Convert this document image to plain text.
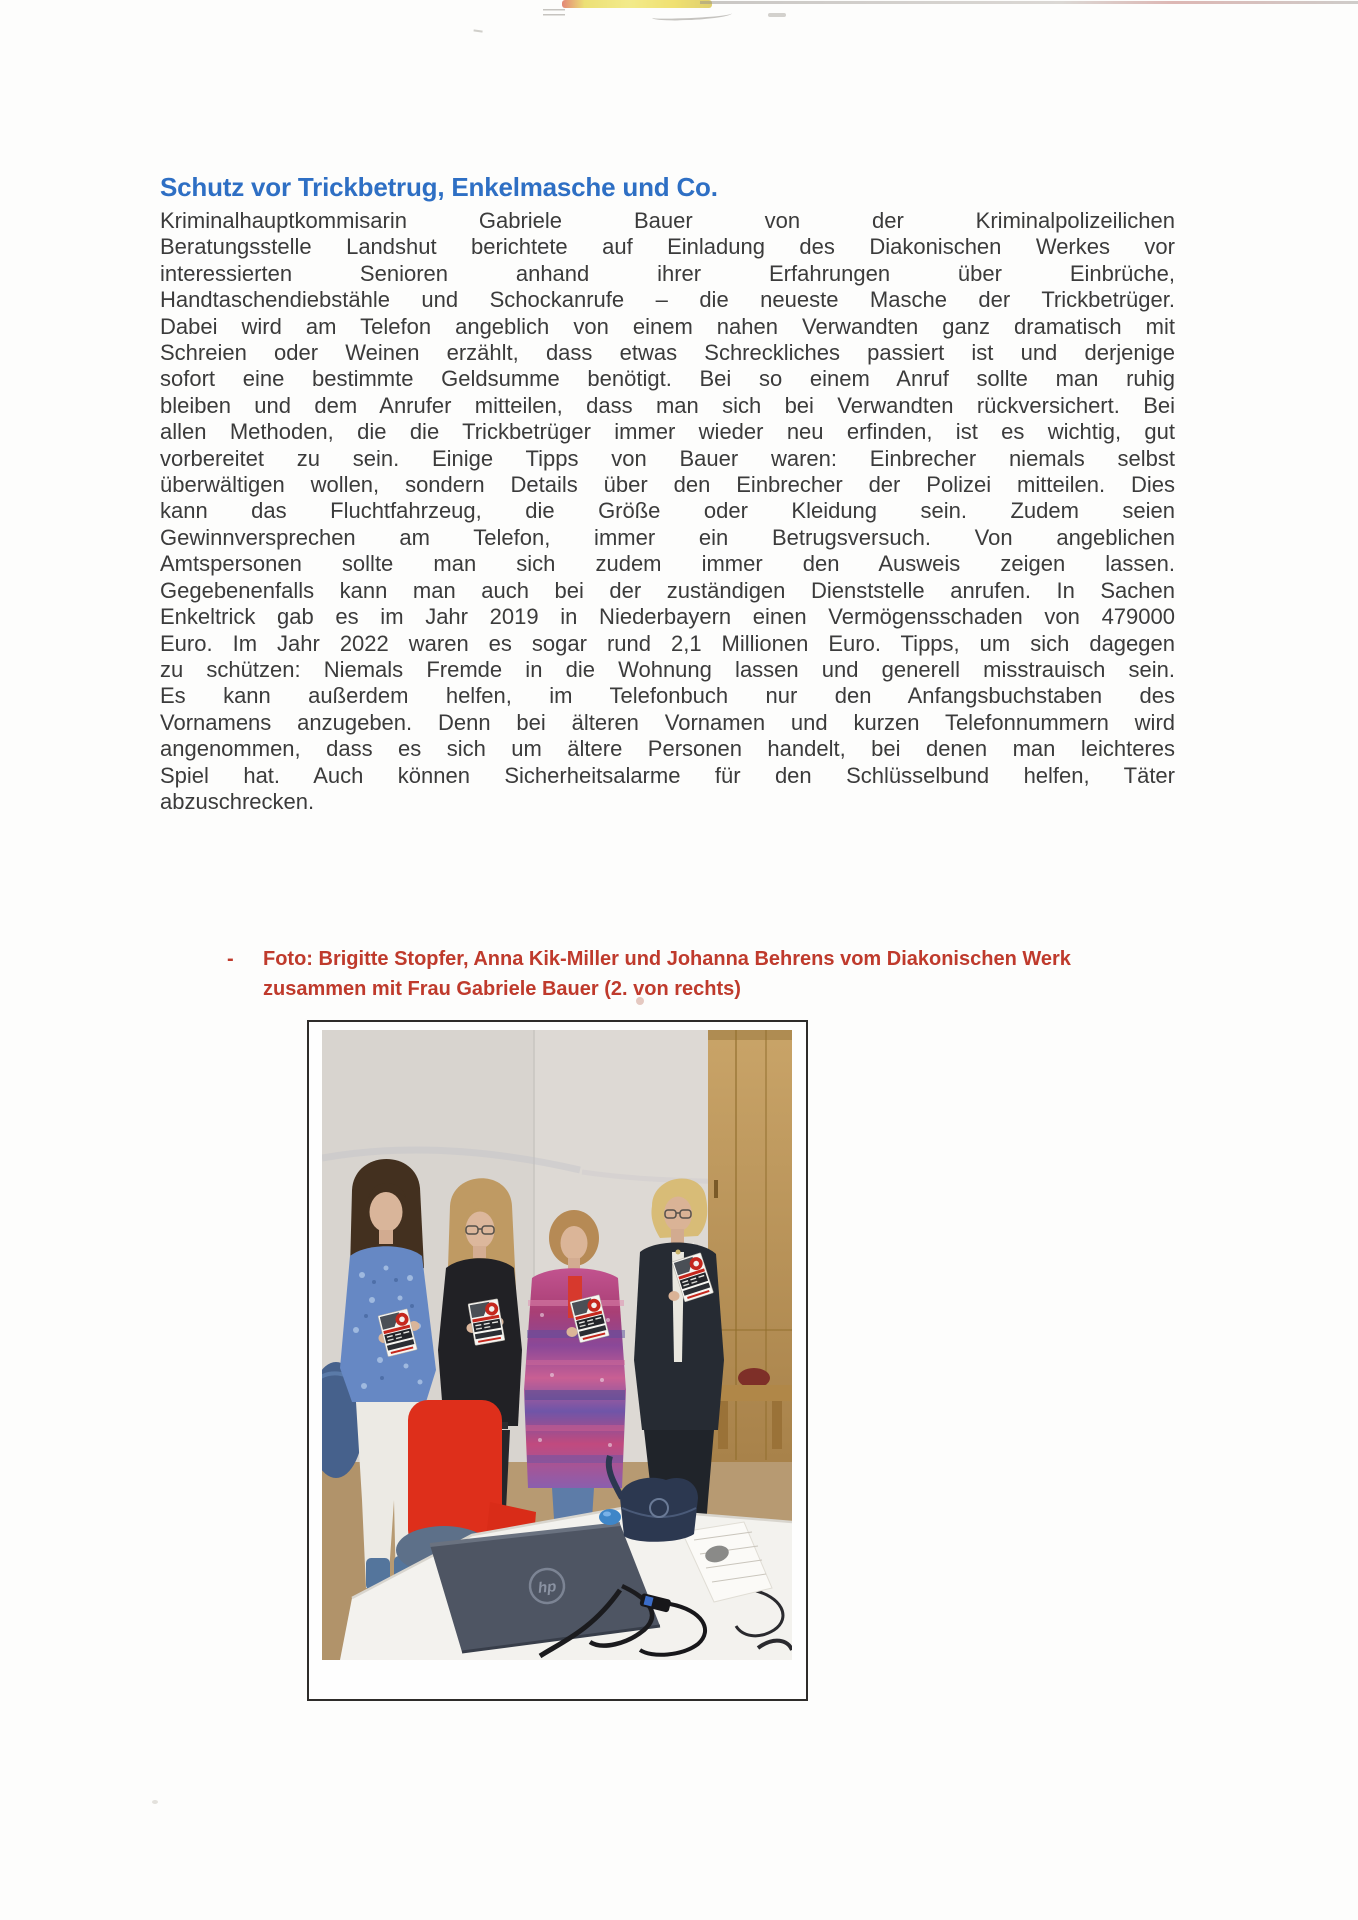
Schutz vor Trickbetrug, Enkelmasche und Co.
Kriminalhauptkommisarin Gabriele Bauer von der Kriminalpolizeilichen
Beratungsstelle Landshut berichtete auf Einladung des Diakonischen Werkes vor
interessierten Senioren anhand ihrer Erfahrungen über Einbrüche,
Handtaschendiebstähle und Schockanrufe – die neueste Masche der Trickbetrüger.
Dabei wird am Telefon angeblich von einem nahen Verwandten ganz dramatisch mit
Schreien oder Weinen erzählt, dass etwas Schreckliches passiert ist und derjenige
sofort eine bestimmte Geldsumme benötigt. Bei so einem Anruf sollte man ruhig
bleiben und dem Anrufer mitteilen, dass man sich bei Verwandten rückversichert. Bei
allen Methoden, die die Trickbetrüger immer wieder neu erfinden, ist es wichtig, gut
vorbereitet zu sein. Einige Tipps von Bauer waren: Einbrecher niemals selbst
überwältigen wollen, sondern Details über den Einbrecher der Polizei mitteilen. Dies
kann das Fluchtfahrzeug, die Größe oder Kleidung sein. Zudem seien
Gewinnversprechen am Telefon, immer ein Betrugsversuch. Von angeblichen
Amtspersonen sollte man sich zudem immer den Ausweis zeigen lassen.
Gegebenenfalls kann man auch bei der zuständigen Dienststelle anrufen. In Sachen
Enkeltrick gab es im Jahr 2019 in Niederbayern einen Vermögensschaden von 479000
Euro. Im Jahr 2022 waren es sogar rund 2,1 Millionen Euro. Tipps, um sich dagegen
zu schützen: Niemals Fremde in die Wohnung lassen und generell misstrauisch sein.
Es kann außerdem helfen, im Telefonbuch nur den Anfangsbuchstaben des
Vornamens anzugeben. Denn bei älteren Vornamen und kurzen Telefonnummern wird
angenommen, dass es sich um ältere Personen handelt, bei denen man leichteres
Spiel hat. Auch können Sicherheitsalarme für den Schlüsselbund helfen, Täter
abzuschrecken.
-	Foto: Brigitte Stopfer, Anna Kik-Miller und Johanna Behrens vom Diakonischen Werk
zusammen mit Frau Gabriele Bauer (2. von rechts)
hp
